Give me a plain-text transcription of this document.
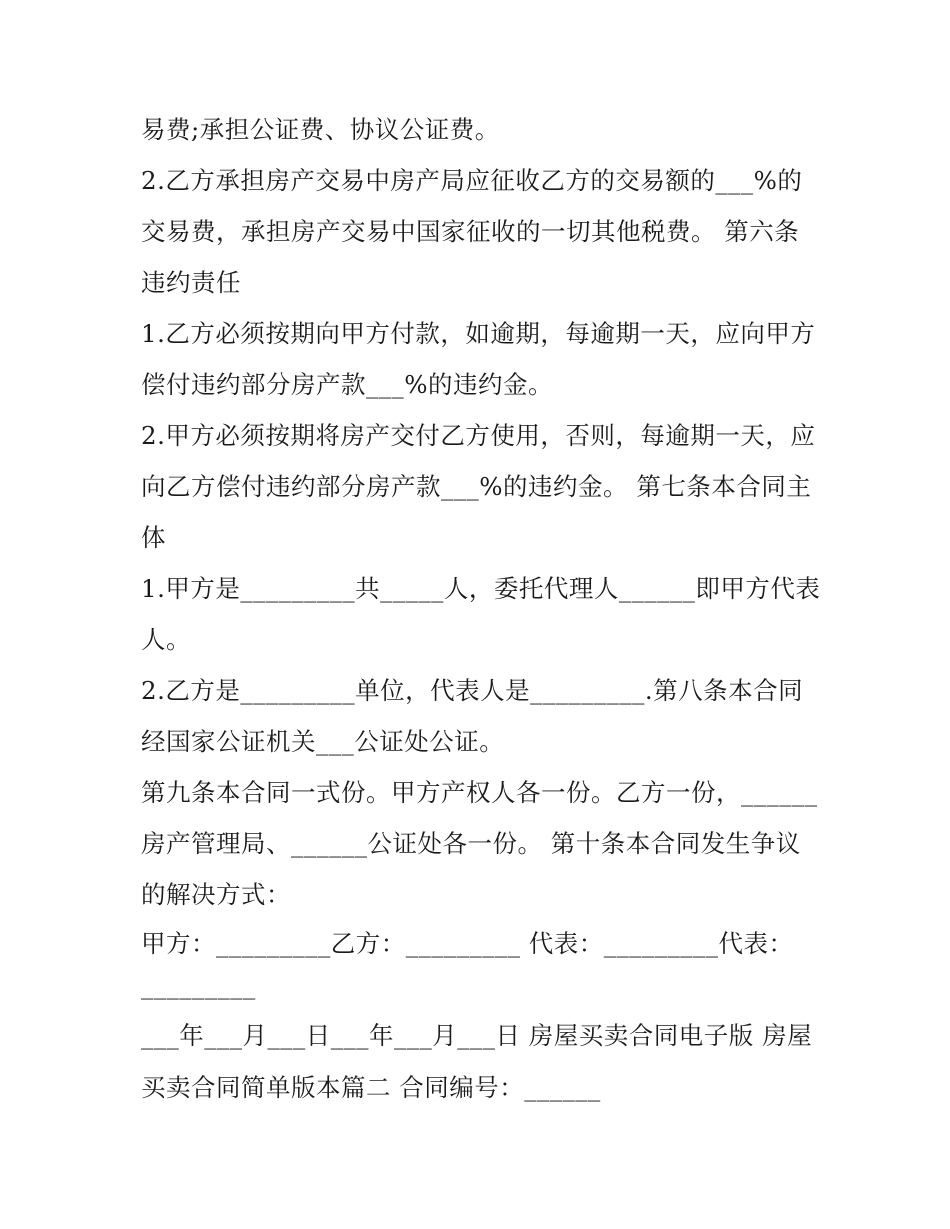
易费;承担公证费、协议公证费。
2.乙方承担房产交易中房产局应征收乙方的交易额的___%的
交易费，承担房产交易中国家征收的一切其他税费。 第六条
违约责任
1.乙方必须按期向甲方付款，如逾期，每逾期一天，应向甲方
偿付违约部分房产款___%的违约金。
2.甲方必须按期将房产交付乙方使用，否则，每逾期一天，应
向乙方偿付违约部分房产款___%的违约金。 第七条本合同主
体
1.甲方是_________共_____人，委托代理人______即甲方代表
人。
2.乙方是_________单位，代表人是_________.第八条本合同
经国家公证机关___公证处公证。
第九条本合同一式份。甲方产权人各一份。乙方一份，______
房产管理局、______公证处各一份。 第十条本合同发生争议
的解决方式：
甲方：_________乙方：_________ 代表：_________代表：
_________
___年___月___日___年___月___日 房屋买卖合同电子版 房屋
买卖合同简单版本篇二 合同编号：______
